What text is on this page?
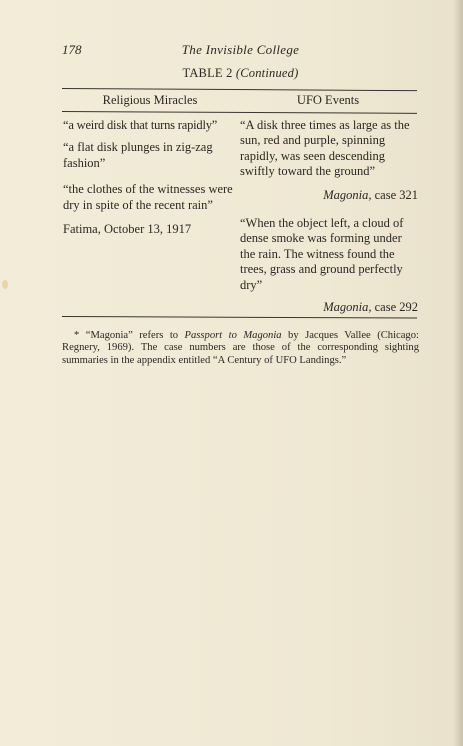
178	The Invisible College
TABLE 2 (Continued)
Religious Miracles	UFO Events

“a weird disk that turns rapidly”

“a flat disk plunges in zig-zag fashion”

“the clothes of the witnesses were dry in spite of the recent rain”

Fatima, October 13, 1917

“A disk three times as large as the sun, red and purple, spinning rapidly, was seen descending swiftly toward the ground”

Magonia, case 321

“When the object left, a cloud of dense smoke was forming under the rain. The witness found the trees, grass and ground perfectly dry”

Magonia, case 292

* “Magonia” refers to Passport to Magonia by Jacques Vallee (Chicago: Regnery, 1969). The case numbers are those of the corresponding sighting summaries in the appendix entitled “A Century of UFO Landings.”
